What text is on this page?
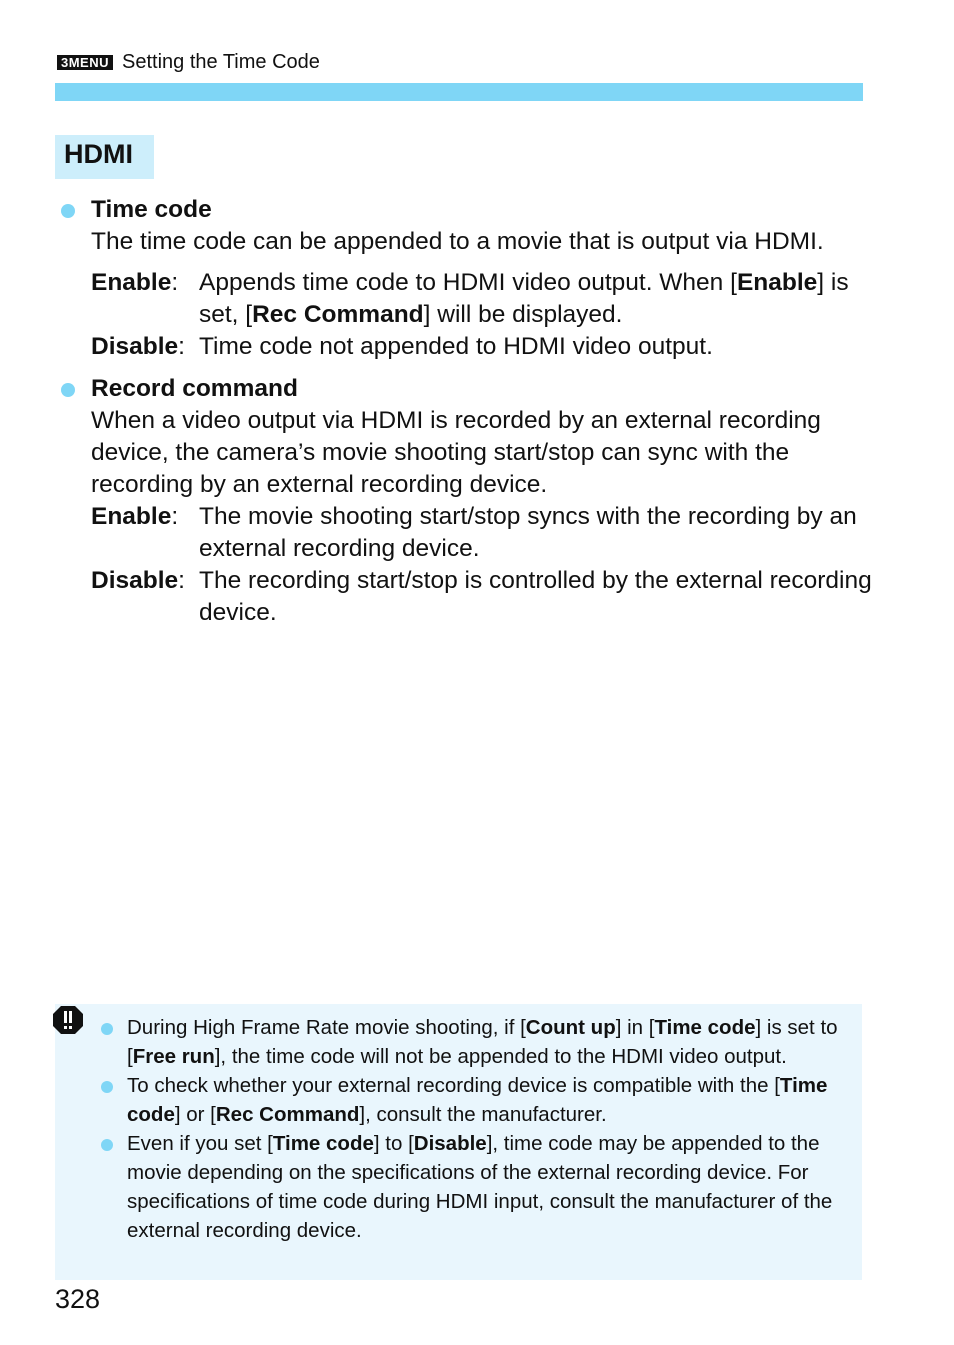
3MENU Setting the Time Code
HDMI
Time code
The time code can be appended to a movie that is output via HDMI.
Enable: Appends time code to HDMI video output. When [Enable] is set, [Rec Command] will be displayed.
Disable: Time code not appended to HDMI video output.
Record command
When a video output via HDMI is recorded by an external recording device, the camera’s movie shooting start/stop can sync with the recording by an external recording device.
Enable: The movie shooting start/stop syncs with the recording by an external recording device.
Disable: The recording start/stop is controlled by the external recording device.
During High Frame Rate movie shooting, if [Count up] in [Time code] is set to [Free run], the time code will not be appended to the HDMI video output.
To check whether your external recording device is compatible with the [Time code] or [Rec Command], consult the manufacturer.
Even if you set [Time code] to [Disable], time code may be appended to the movie depending on the specifications of the external recording device. For specifications of time code during HDMI input, consult the manufacturer of the external recording device.
328
